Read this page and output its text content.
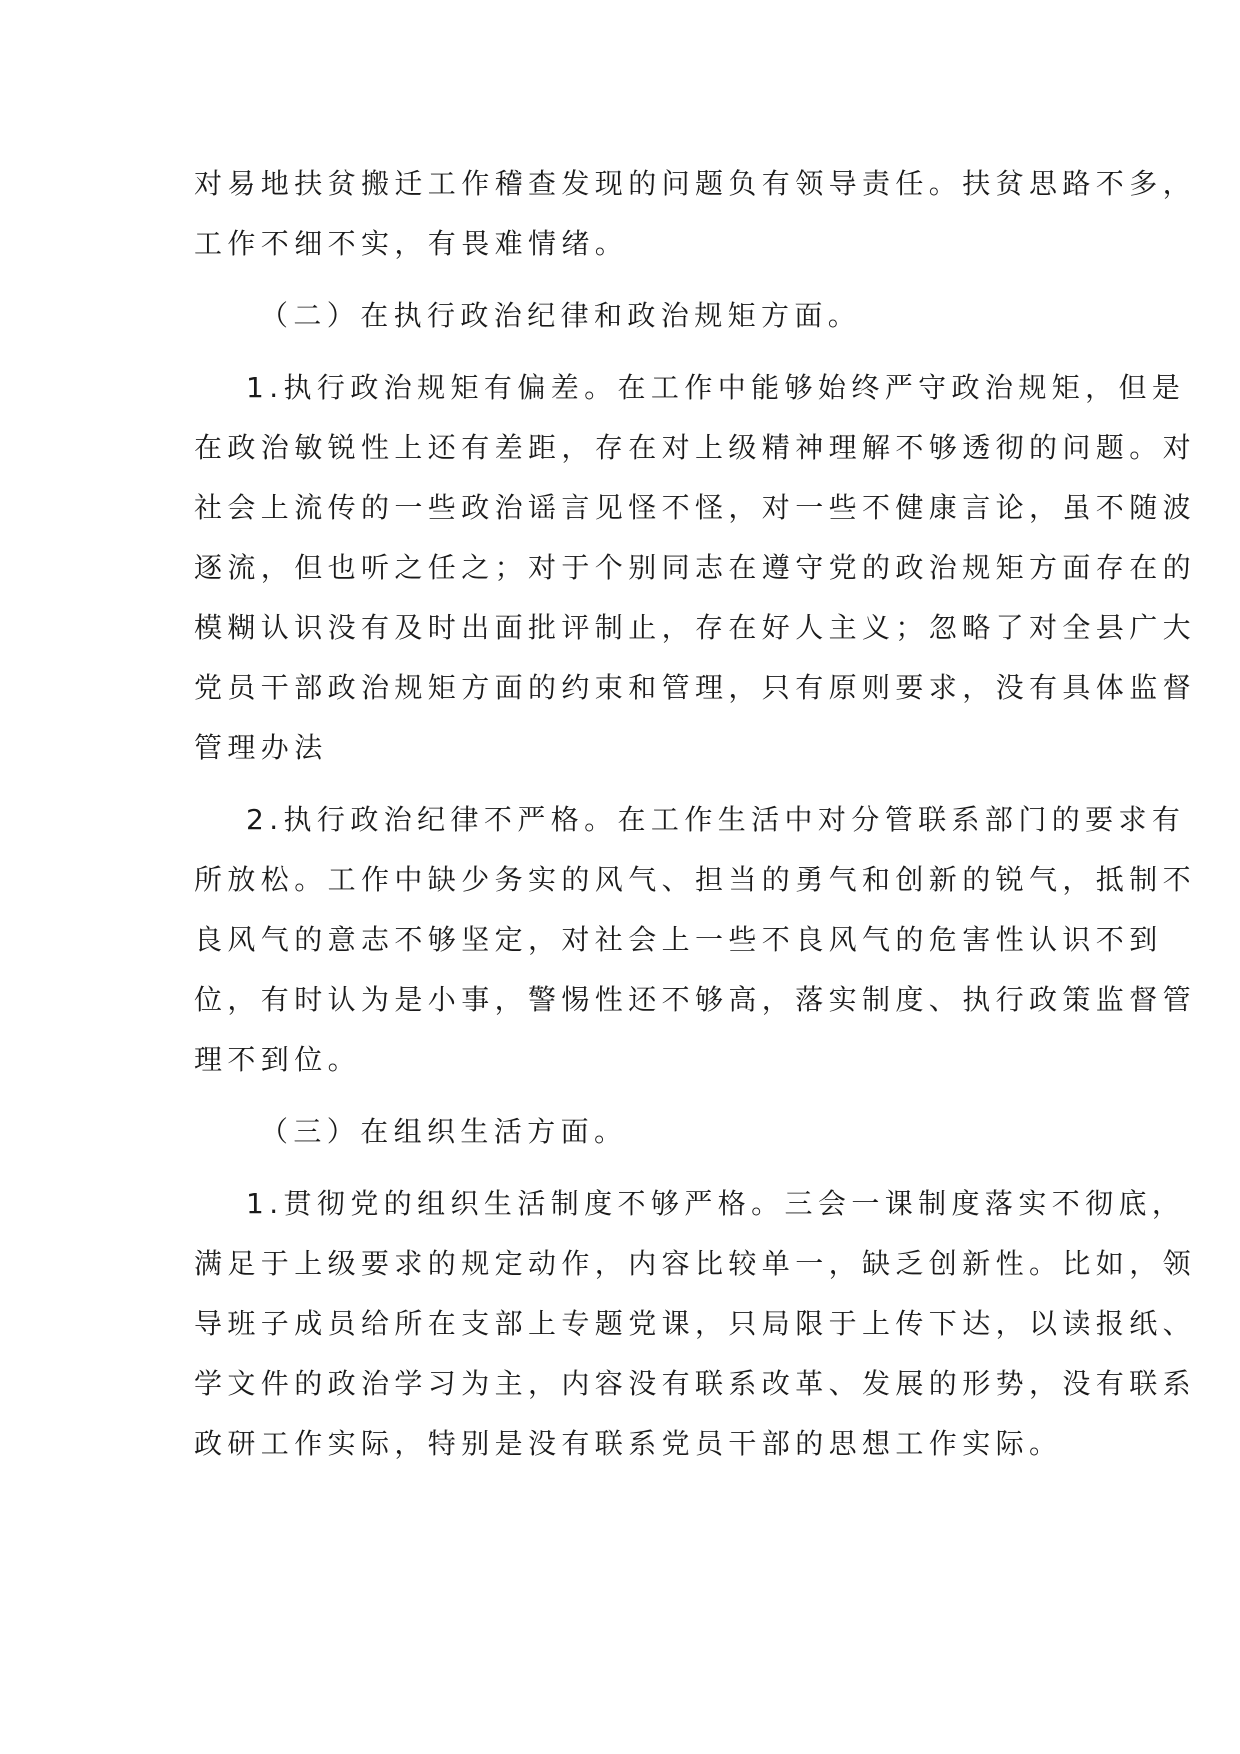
对易地扶贫搬迁工作稽查发现的问题负有领导责任。扶贫思路不多，
工作不细不实，有畏难情绪。
（二）在执行政治纪律和政治规矩方面。
1.执行政治规矩有偏差。在工作中能够始终严守政治规矩，但是
在政治敏锐性上还有差距，存在对上级精神理解不够透彻的问题。对
社会上流传的一些政治谣言见怪不怪，对一些不健康言论，虽不随波
逐流，但也听之任之；对于个别同志在遵守党的政治规矩方面存在的
模糊认识没有及时出面批评制止，存在好人主义；忽略了对全县广大
党员干部政治规矩方面的约束和管理，只有原则要求，没有具体监督
管理办法
2.执行政治纪律不严格。在工作生活中对分管联系部门的要求有
所放松。工作中缺少务实的风气、担当的勇气和创新的锐气，抵制不
良风气的意志不够坚定，对社会上一些不良风气的危害性认识不到
位，有时认为是小事，警惕性还不够高，落实制度、执行政策监督管
理不到位。
（三）在组织生活方面。
1.贯彻党的组织生活制度不够严格。三会一课制度落实不彻底，
满足于上级要求的规定动作，内容比较单一，缺乏创新性。比如，领
导班子成员给所在支部上专题党课，只局限于上传下达，以读报纸、
学文件的政治学习为主，内容没有联系改革、发展的形势，没有联系
政研工作实际，特别是没有联系党员干部的思想工作实际。
